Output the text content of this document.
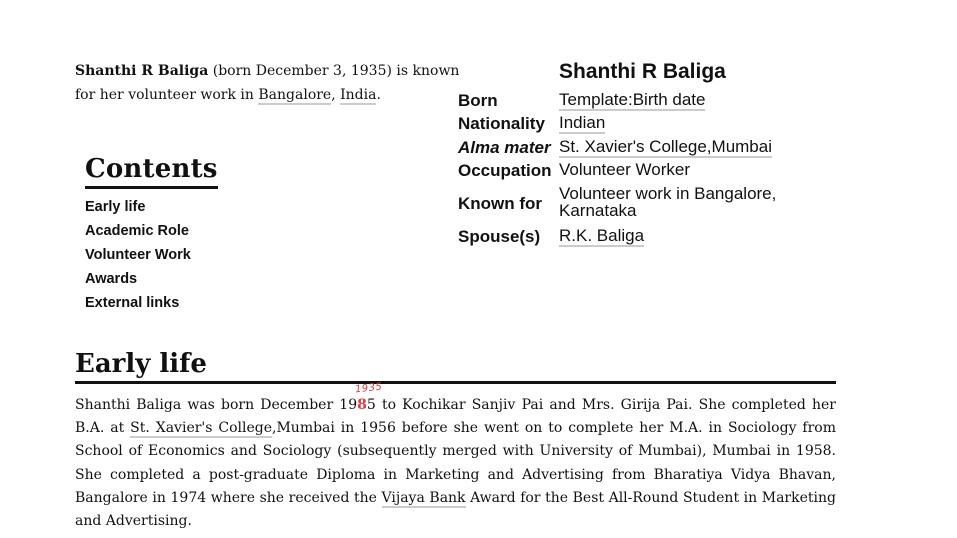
Shanthi R Baliga (born December 3, 1935) is known for her volunteer work in Bangalore, India.
Shanthi R Baliga
Born	Template:Birth date
Nationality Indian
Alma mater St. Xavier's College,Mumbai
Occupation Volunteer Worker
Known for
Volunteer work in Bangalore,
Karnataka
Spouse(s) R.K. Baliga
Contents
Early life
Academic Role
Volunteer Work
Awards
External links
Early life

Shanthi Baliga was born December 19
1935
85 to Kochikar Sanjiv Pai and Mrs. Girija Pai. She completed her B.A. at St. Xavier's College,Mumbai in 1956 before she went on to complete her M.A. in Sociology from School of Economics and Sociology (subsequently merged with University of Mumbai), Mumbai in 1958. She completed a post-graduate Diploma in Marketing and Advertising from Bharatiya Vidya Bhavan, Bangalore in 1974 where she received the Vijaya Bank Award for the Best All-Round Student in Marketing and Advertising.
